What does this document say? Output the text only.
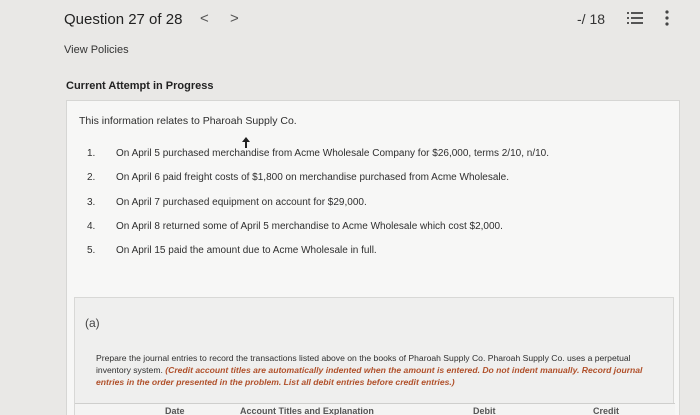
Question 27 of 28 < >	-/ 18
View Policies
Current Attempt in Progress

This information relates to Pharoah Supply Co.

1.	On April 5 purchased merchandise from Acme Wholesale Company for $26,000, terms 2/10, n/10.
2.	On April 6 paid freight costs of $1,800 on merchandise purchased from Acme Wholesale.
3.	On April 7 purchased equipment on account for $29,000.
4.	On April 8 returned some of April 5 merchandise to Acme Wholesale which cost $2,000.
5.	On April 15 paid the amount due to Acme Wholesale in full.
(a)

Prepare the journal entries to record the transactions listed above on the books of Pharoah Supply Co. Pharoah Supply Co. uses a perpetual inventory system. (Credit account titles are automatically indented when the amount is entered. Do not indent manually. Record journal entries in the order presented in the problem. List all debit entries before credit entries.)

Date	Account Titles and Explanation	Debit	Credit
